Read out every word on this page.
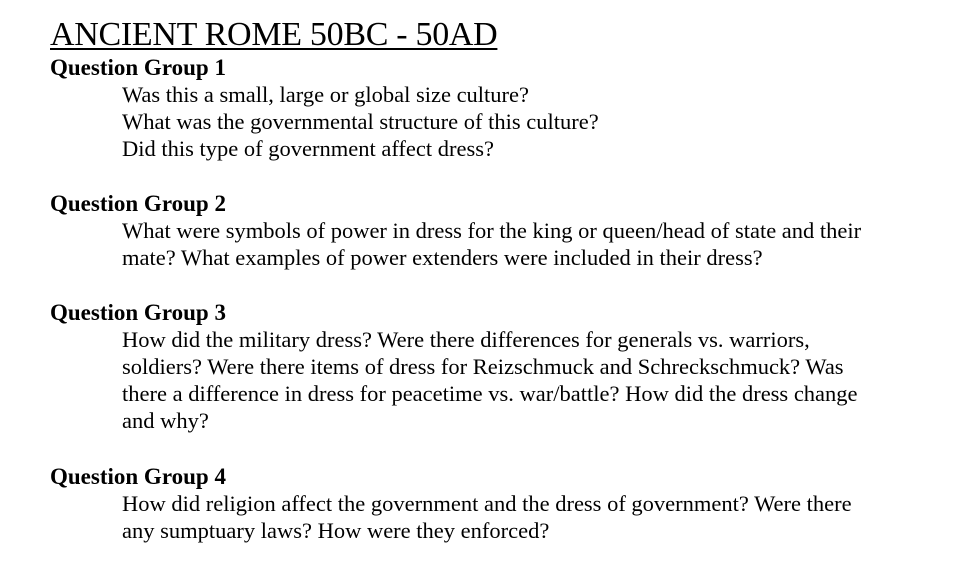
ANCIENT ROME 50BC - 50AD
Question Group 1
Was this a small, large or global size culture?
What was the governmental structure of this culture?
Did this type of government affect dress?
Question Group 2
What were symbols of power in dress for the king or queen/head of state and their
mate? What examples of power extenders were included in their dress?
Question Group 3
How did the military dress? Were there differences for generals vs. warriors,
soldiers? Were there items of dress for Reizschmuck and Schreckschmuck? Was
there a difference in dress for peacetime vs. war/battle? How did the dress change
and why?
Question Group 4
How did religion affect the government and the dress of government? Were there
any sumptuary laws? How were they enforced?
